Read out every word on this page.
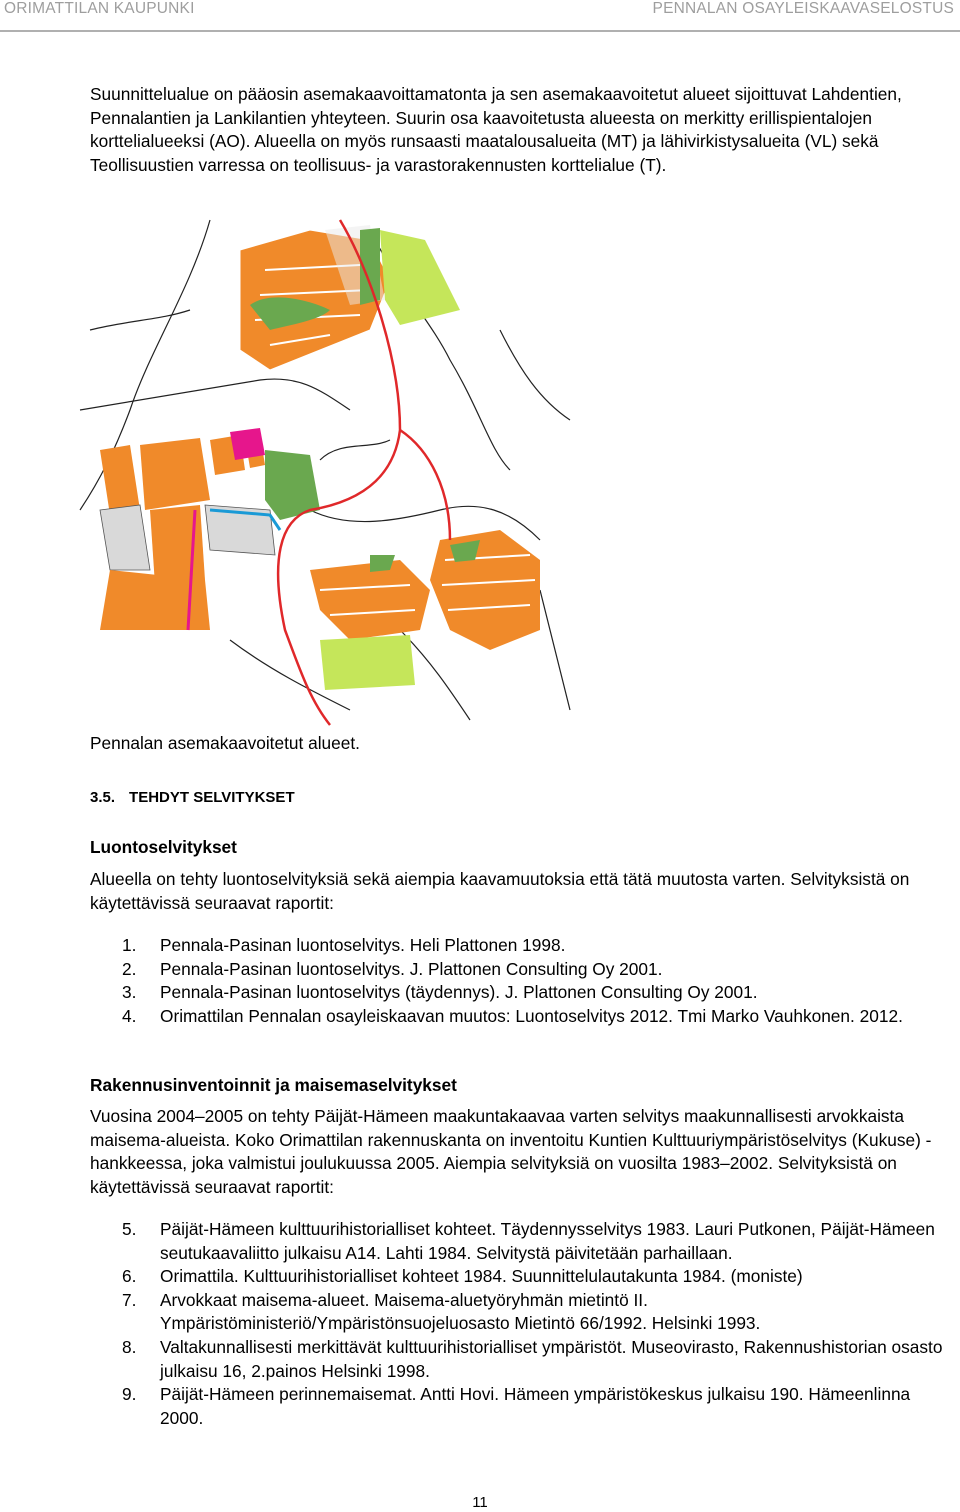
ORIMATTILAN KAUPUNKI	PENNALAN OSAYLEISKAAVASELOSTUS

Suunnittelualue on pääosin asemakaavoittamatonta ja sen asemakaavoitetut alueet sijoittuvat Lahdentien, Pennalantien ja Lankilantien yhteyteen. Suurin osa kaavoitetusta alueesta on merkitty erillispientalojen korttelialueeksi (AO). Alueella on myös runsaasti maatalousalueita (MT) ja lähivirkistysalueita (VL) sekä Teollisuustien varressa on teollisuus- ja varastorakennusten korttelialue (T).

Pennalan asemakaavoitetut alueet.
3.5. TEHDYT SELVITYKSET
Luontoselvitykset

Alueella on tehty luontoselvityksiä sekä aiempia kaavamuutoksia että tätä muutosta varten. Selvityksistä on käytettävissä seuraavat raportit:

1. Pennala-Pasinan luontoselvitys. Heli Plattonen 1998.
2. Pennala-Pasinan luontoselvitys. J. Plattonen Consulting Oy 2001.
3. Pennala-Pasinan luontoselvitys (täydennys). J. Plattonen Consulting Oy 2001.
4. Orimattilan Pennalan osayleiskaavan muutos: Luontoselvitys 2012. Tmi Marko Vauhkonen. 2012.
Rakennusinventoinnit ja maisemaselvitykset

Vuosina 2004–2005 on tehty Päijät-Hämeen maakuntakaavaa varten selvitys maakunnallisesti arvokkaista maisema-alueista. Koko Orimattilan rakennuskanta on inventoitu Kuntien Kulttuuriympäristöselvitys (Kukuse) -hankkeessa, joka valmistui joulukuussa 2005. Aiempia selvityksiä on vuosilta 1983–2002. Selvityksistä on käytettävissä seuraavat raportit:

5. Päijät-Hämeen kulttuurihistorialliset kohteet. Täydennysselvitys 1983. Lauri Putkonen, Päijät-Hämeen seutukaavaliitto julkaisu A14. Lahti 1984. Selvitystä päivitetään parhaillaan.
6. Orimattila. Kulttuurihistorialliset kohteet 1984. Suunnittelulautakunta 1984. (moniste)
7. Arvokkaat maisema-alueet. Maisema-aluetyöryhmän mietintö II. Ympäristöministeriö/Ympäristönsuojeluosasto Mietintö 66/1992. Helsinki 1993.
8. Valtakunnallisesti merkittävät kulttuurihistorialliset ympäristöt. Museovirasto, Rakennushistorian osasto julkaisu 16, 2.painos Helsinki 1998.
9. Päijät-Hämeen perinnemaisemat. Antti Hovi. Hämeen ympäristökeskus julkaisu 190. Hämeenlinna 2000.
11
